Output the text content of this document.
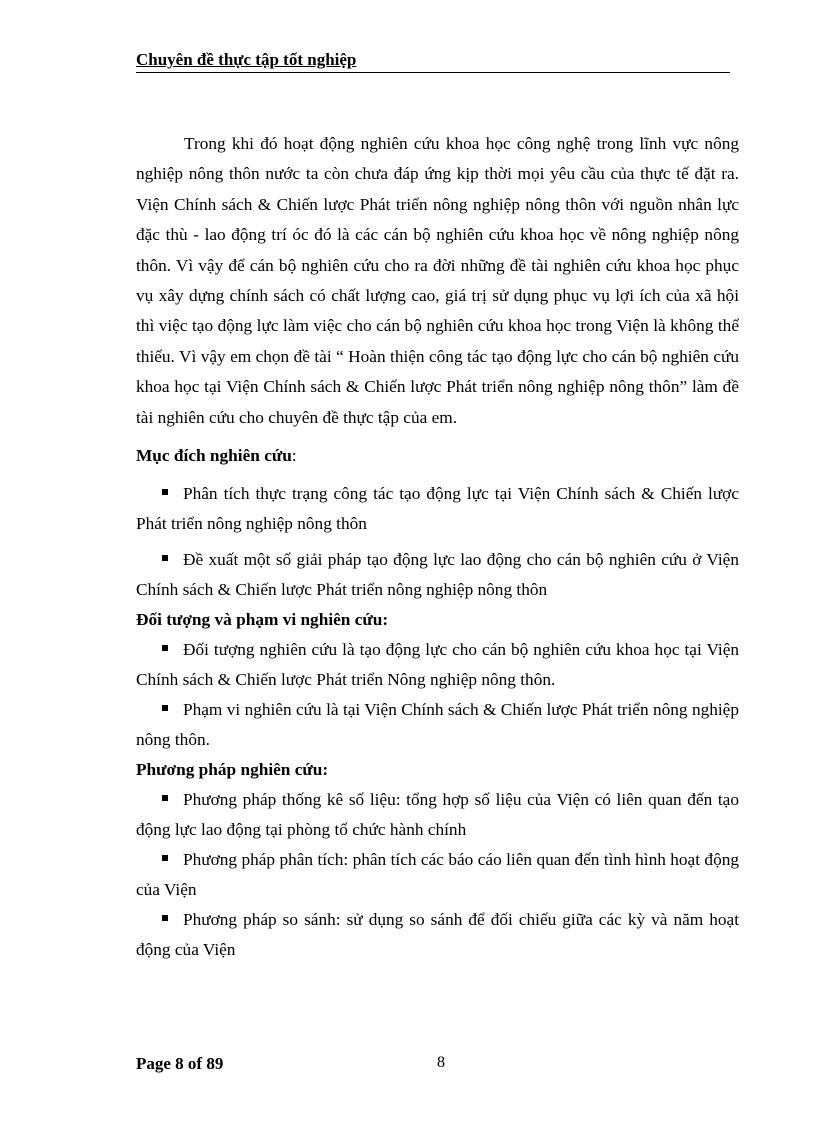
Chuyên đề thực tập tốt nghiệp

Trong khi đó hoạt động nghiên cứu khoa học công nghệ trong lĩnh vực nông nghiệp nông thôn nước ta còn chưa đáp ứng kịp thời mọi yêu cầu của thực tế đặt ra. Viện Chính sách & Chiến lược Phát triển nông nghiệp nông thôn với nguồn nhân lực đặc thù - lao động trí óc đó là các cán bộ nghiên cứu khoa học về nông nghiệp nông thôn. Vì vậy để cán bộ nghiên cứu cho ra đời những đề tài nghiên cứu khoa học phục vụ xây dựng chính sách có chất lượng cao, giá trị sử dụng phục vụ lợi ích của xã hội thì việc tạo động lực làm việc cho cán bộ nghiên cứu khoa học trong Viện là không thể thiếu. Vì vậy em chọn đề tài “ Hoàn thiện công tác tạo động lực cho cán bộ nghiên cứu khoa học tại Viện Chính sách & Chiến lược Phát triển nông nghiệp nông thôn” làm đề tài nghiên cứu cho chuyên đề thực tập của em.

Mục đích nghiên cứu:

Phân tích thực trạng công tác tạo động lực tại Viện Chính sách & Chiến lược Phát triển nông nghiệp nông thôn

Đề xuất một số giải pháp tạo động lực lao động cho cán bộ nghiên cứu ở Viện Chính sách & Chiến lược Phát triển nông nghiệp nông thôn

Đối tượng và phạm vi nghiên cứu:

Đối tượng nghiên cứu là tạo động lực cho cán bộ nghiên cứu khoa học tại Viện Chính sách & Chiến lược Phát triển Nông nghiệp nông thôn.

Phạm vi nghiên cứu là tại Viện Chính sách & Chiến lược Phát triển nông nghiệp nông thôn.

Phương pháp nghiên cứu:

Phương pháp thống kê số liệu: tổng hợp số liệu của Viện có liên quan đến tạo động lực lao động tại phòng tổ chức hành chính

Phương pháp phân tích: phân tích các báo cáo liên quan đến tình hình hoạt động của Viện

Phương pháp so sánh: sử dụng so sánh để đối chiếu giữa các kỳ và năm hoạt động của Viện

Page 8 of 89	8
